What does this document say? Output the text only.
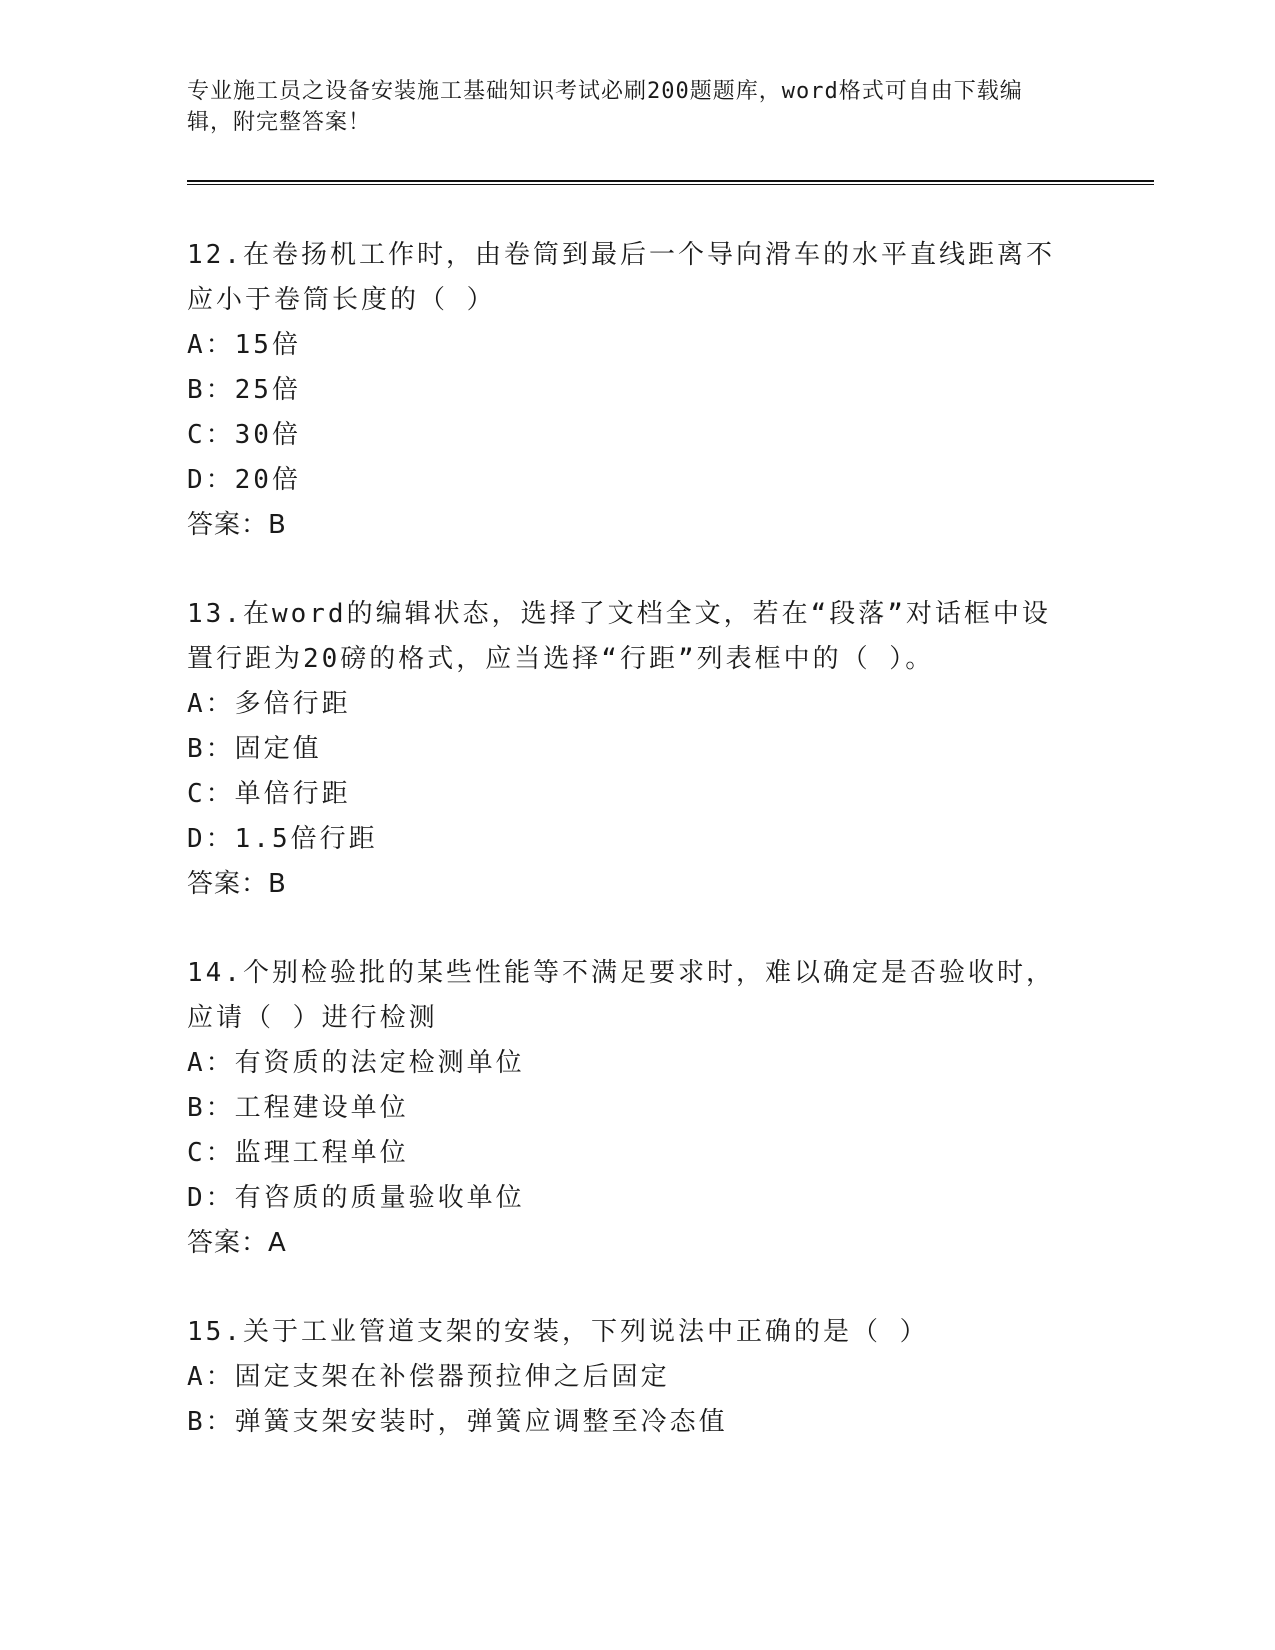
专业施工员之设备安装施工基础知识考试必刷200题题库，word格式可自由下载编辑，附完整答案！
12.在卷扬机工作时，由卷筒到最后一个导向滑车的水平直线距离不应小于卷筒长度的（ ）
A：15倍
B：25倍
C：30倍
D：20倍
答案：B
13.在word的编辑状态，选择了文档全文，若在“段落”对话框中设置行距为20磅的格式，应当选择“行距”列表框中的（ ）。
A：多倍行距
B：固定值
C：单倍行距
D：1.5倍行距
答案：B
14.个别检验批的某些性能等不满足要求时，难以确定是否验收时，应请（ ）进行检测
A：有资质的法定检测单位
B：工程建设单位
C：监理工程单位
D：有咨质的质量验收单位
答案：A
15.关于工业管道支架的安装，下列说法中正确的是（ ）
A：固定支架在补偿器预拉伸之后固定
B：弹簧支架安装时，弹簧应调整至冷态值
